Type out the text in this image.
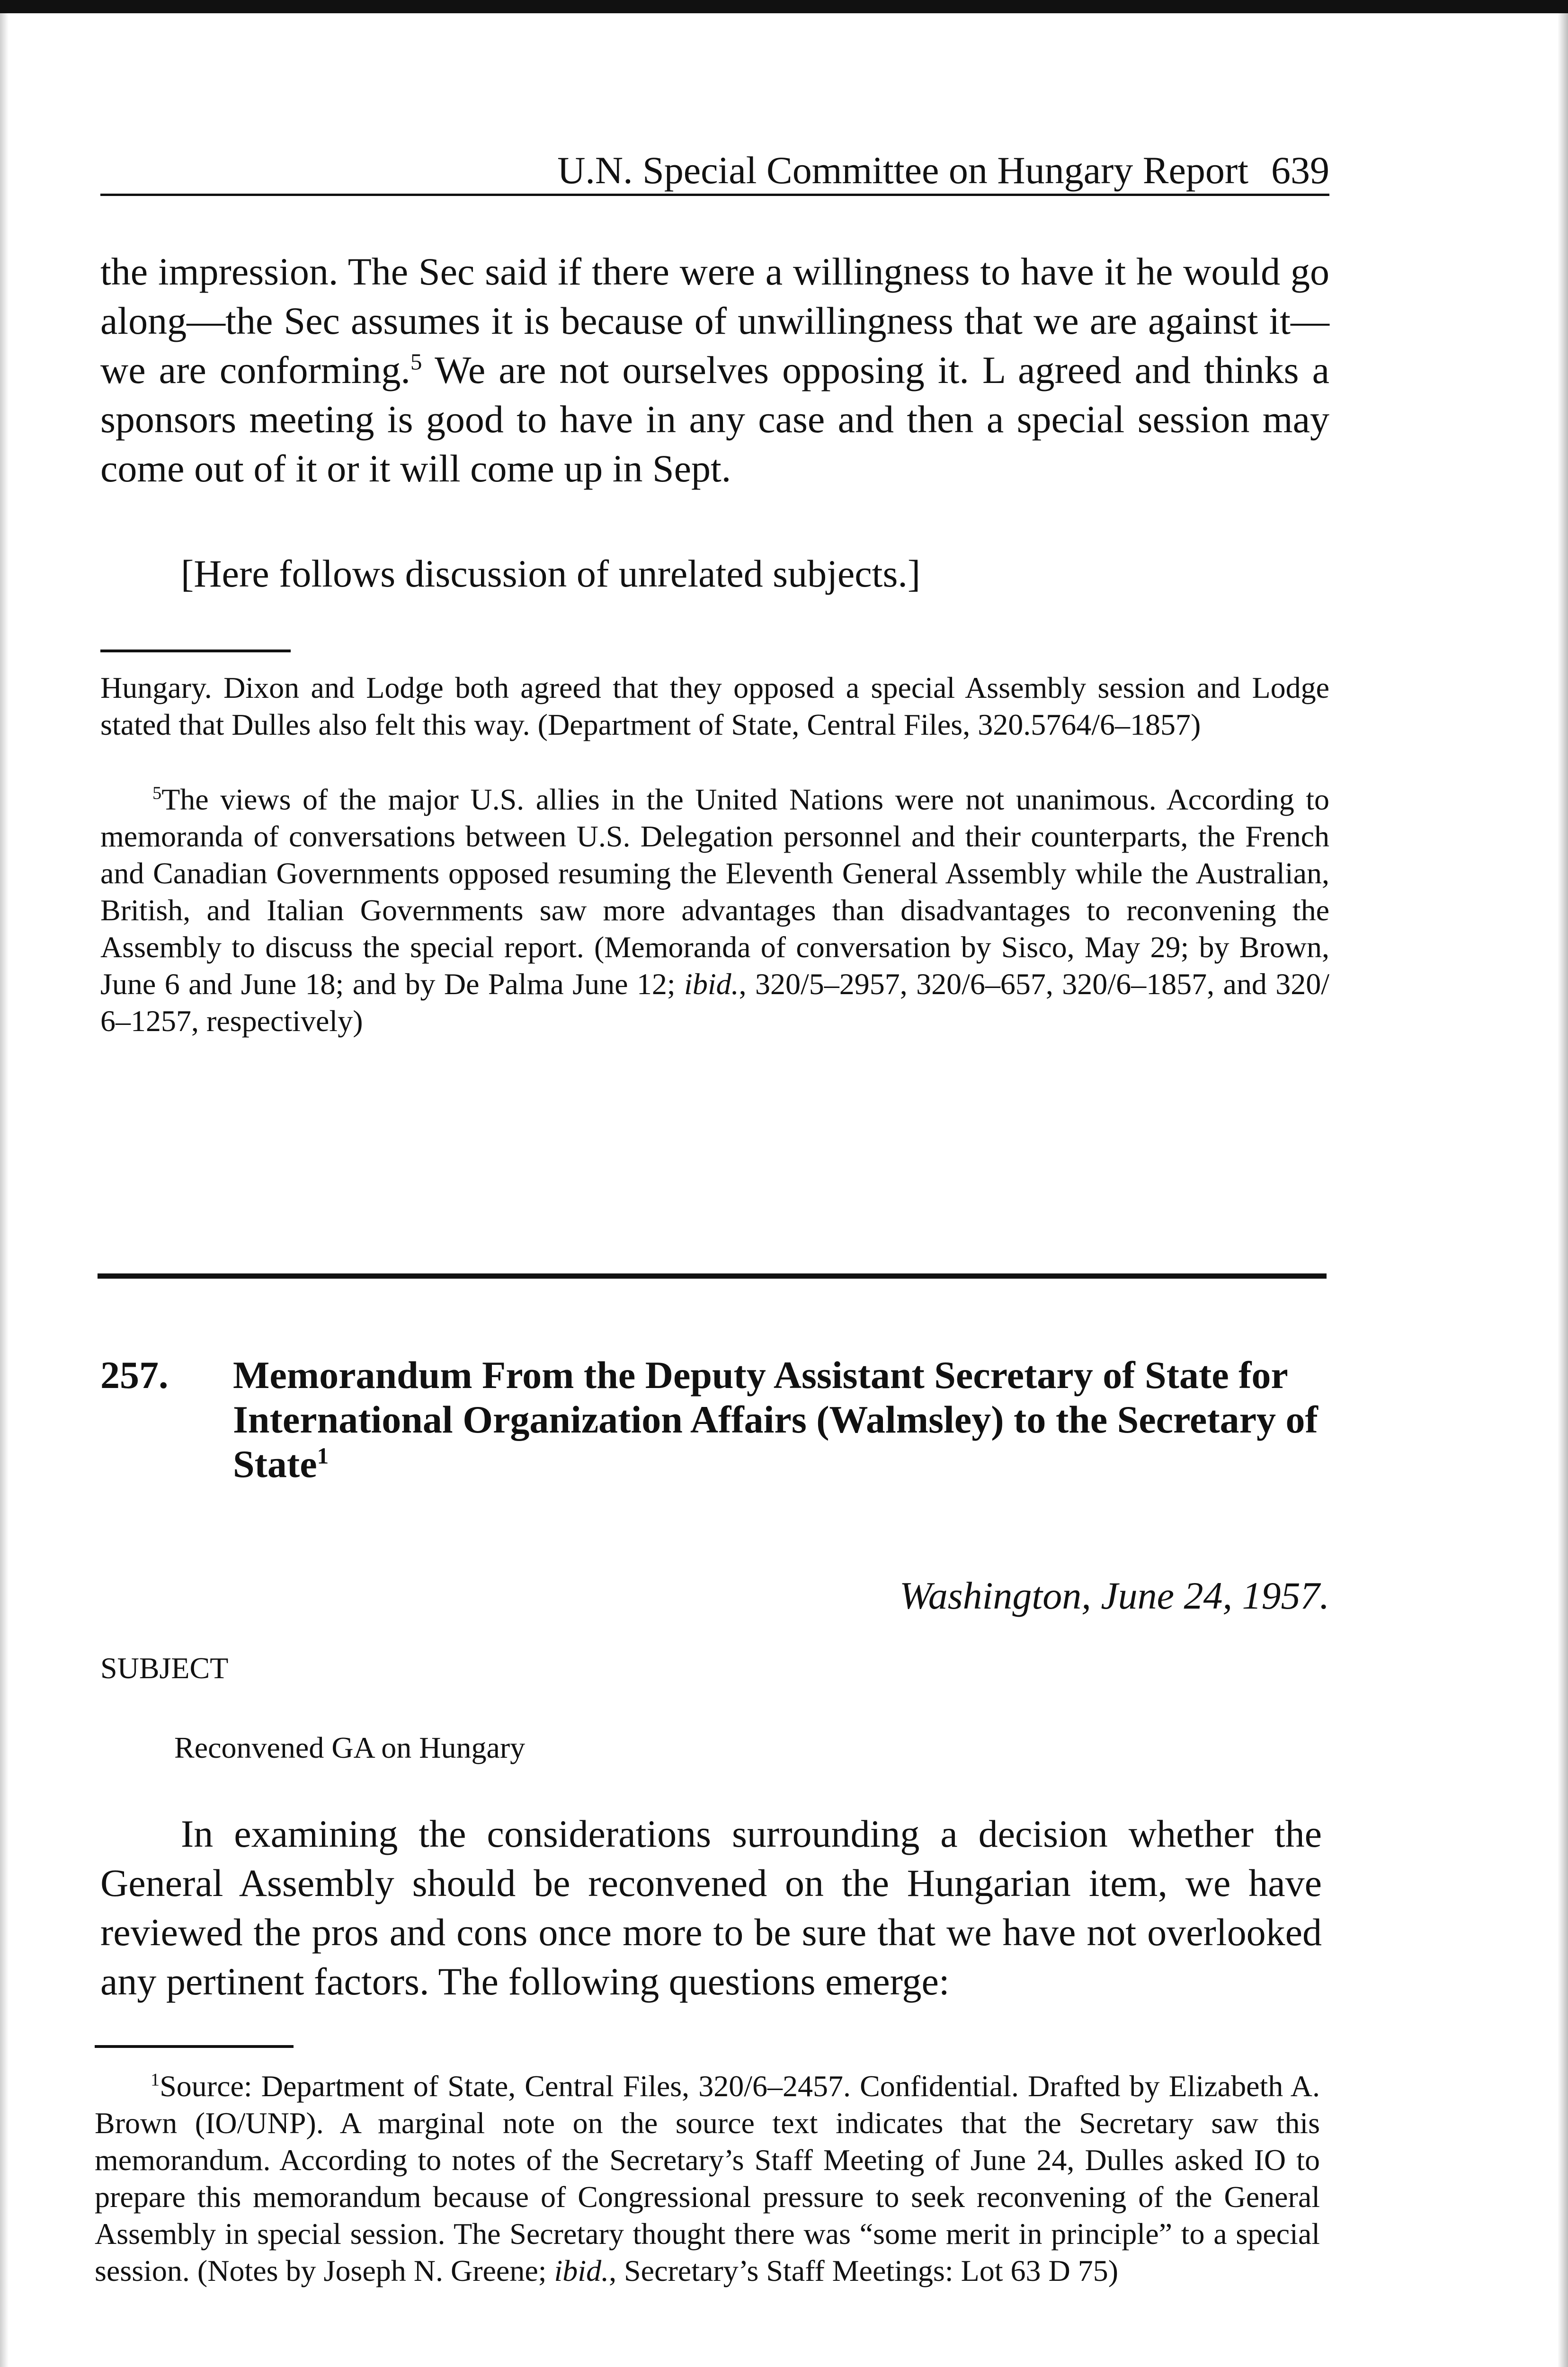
U.N. Special Committee on Hungary Report 639

the impression. The Sec said if there were a willingness to have it he would go along—the Sec assumes it is because of unwillingness that we are against it—we are conforming.$^5$ We are not ourselves opposing it. L agreed and thinks a sponsors meeting is good to have in any case and then a special session may come out of it or it will come up in Sept.

[Here follows discussion of unrelated subjects.]

Hungary. Dixon and Lodge both agreed that they opposed a special Assembly session and Lodge stated that Dulles also felt this way. (Department of State, Central Files, 320.5764/6–1857)

$^5$The views of the major U.S. allies in the United Nations were not unanimous. According to memoranda of conversations between U.S. Delegation personnel and their counterparts, the French and Canadian Governments opposed resuming the Eleventh General Assembly while the Australian, British, and Italian Governments saw more advantages than disadvantages to reconvening the Assembly to discuss the special report. (Memoranda of conversation by Sisco, May 29; by Brown, June 6 and June 18; and by De Palma June 12; ibid., 320/5–2957, 320/6–657, 320/6–1857, and 320/ 6–1257, respectively)

257. Memorandum From the Deputy Assistant Secretary of State for International Organization Affairs (Walmsley) to the Secretary of State$^1$

Washington, June 24, 1957.
SUBJECT
Reconvened GA on Hungary

In examining the considerations surrounding a decision whether the General Assembly should be reconvened on the Hungarian item, we have reviewed the pros and cons once more to be sure that we have not overlooked any pertinent factors. The following questions emerge:

$^1$Source: Department of State, Central Files, 320/6–2457. Confidential. Drafted by Elizabeth A. Brown (IO/UNP). A marginal note on the source text indicates that the Secretary saw this memorandum. According to notes of the Secretary’s Staff Meeting of June 24, Dulles asked IO to prepare this memorandum because of Congressional pressure to seek reconvening of the General Assembly in special session. The Secretary thought there was “some merit in principle” to a special session. (Notes by Joseph N. Greene; ibid., Secretary’s Staff Meetings: Lot 63 D 75)
